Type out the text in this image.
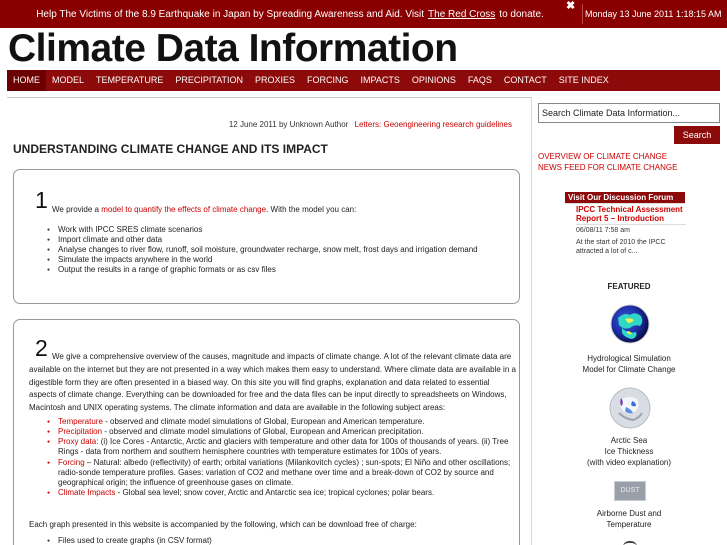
Help The Victims of the 8.9 Earthquake in Japan by Spreading Awareness and Aid. Visit The Red Cross to donate.
✖
Monday 13 June 2011 1:18:15 AM
Climate Data Information
HOME	MODEL	TEMPERATURE	PRECIPITATION	PROXIES	FORCING	IMPACTS	OPINIONS	FAQS	CONTACT	SITE INDEX
12 June 2011 by Unknown Author Letters: Geoengineering research guidelines
UNDERSTANDING CLIMATE CHANGE AND ITS IMPACT
1 We provide a model to quantify the effects of climate change. With the model you can:
● Work with IPCC SRES climate scenarios
● Import climate and other data
● Analyse changes to river flow, runoff, soil moisture, groundwater recharge, snow melt, frost days and irrigation demand
● Simulate the impacts anywhere in the world
● Output the results in a range of graphic formats or as csv files
2 We give a comprehensive overview of the causes, magnitude and impacts of climate change. A lot of the relevant climate data are available on the internet but they are not presented in a way which makes them easy to understand. Where climate data are available in a digestible form they are often presented in a biased way. On this site you will find graphs, explanation and data related to essential aspects of climate change. Everything can be downloaded for free and the data files can be input directly to spreadsheets on Windows, Macintosh and UNIX operating systems. The climate information and data are available in the following subject areas:
● Temperature - observed and climate model simulations of Global, European and American temperature.
● Precipitation - observed and climate model simulations of Global, European and American precipitation.
● Proxy data: (i) Ice Cores - Antarctic, Arctic and glaciers with temperature and other data for 100s of thousands of years. (ii) Tree Rings - data from northern and southern hemisphere countries with temperature estimates for 100s of years.
● Forcing – Natural: albedo (reflectivity) of earth; orbital variations (Milankovitch cycles) ; sun-spots; El Niño and other oscillations; radio-sonde temperature profiles. Gases: variation of CO2 and methane over time and a break-down of CO2 by source and geographical origin; the influence of greenhouse gases on climate.
● Climate Impacts - Global sea level; snow cover, Arctic and Antarctic sea ice; tropical cyclones; polar bears.
Each graph presented in this website is accompanied by the following, which can be download free of charge:
● Files used to create graphs (in CSV format)
Search Climate Data Information...
Search
OVERVIEW OF CLIMATE CHANGE
NEWS FEED FOR CLIMATE CHANGE
Visit Our Discussion Forum
IPCC Technical Assessment Report 5 – Introduction
06/08/11 7:58 am
At the start of 2010 the IPCC attracted a lot of c...
FEATURED
Hydrological Simulation
Model for Climate Change
Arctic Sea
Ice Thickness
(with video explanation)
DUST
Airborne Dust and
Temperature
